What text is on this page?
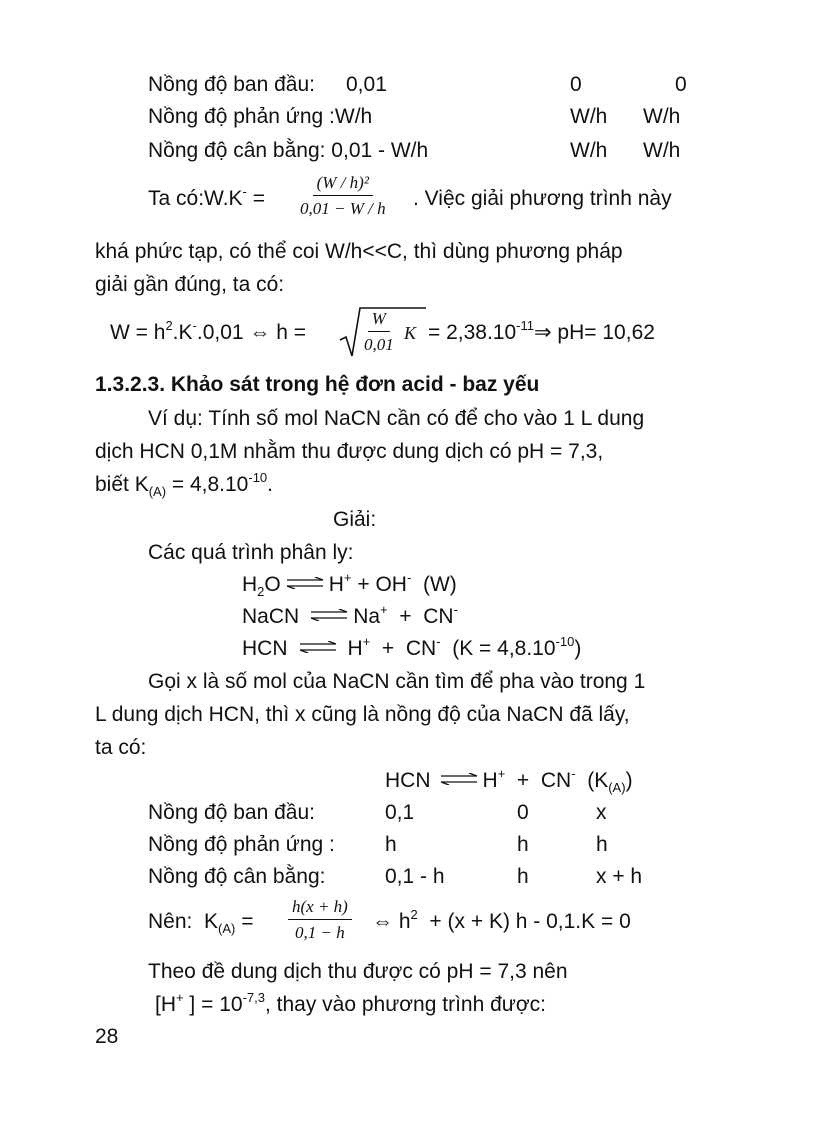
Nồng độ ban đầu: 0,01	0	0
Nồng độ phản ứng :W/h	W/h W/h
Nồng độ cân bằng: 0,01 - W/h	W/h W/h
Ta có:W.K- = $\frac{\text{(W / h)²}}{0,01 - W / h}$ . Việc giải phương trình này
khá phức tạp, có thể coi W/h<<C, thì dùng phương pháp
giải gần đúng, ta có:
$W = h^2.K^-.0,01$ ⇔ h =	$\frac{W}{0,01}$ $K = 2,38.10^{-11}\Rightarrow$ pH= 10,62
1.3.2.3. Khảo sát trong hệ đơn acid - baz yếu
Ví dụ: Tính số mol NaCN cần có để cho vào 1 L dung
dịch HCN 0,1M nhằm thu được dung dịch có pH = 7,3,
biết $K_{(A)} = 4,8.10^{-10}$.
Giải:
Các quá trình phân ly:
$H_2O$ ⇌ H+ + OH-  (W)
NaCN ⇌ Na+  +  CN-
HCN ⇌ H+  +  CN-  $(K = 4,8.10^{-10})$
Gọi x là số mol của NaCN cần tìm để pha vào trong 1
L dung dịch HCN, thì x cũng là nồng độ của NaCN đã lấy,
ta có:
HCN ⇌ H+  +  CN-  $(K_{(A)})$
Nồng độ ban đầu:	0,1	0	x
Nồng độ phản ứng : h	h	h
Nồng độ cân bằng:	0,1 - h	h	x + h
Nên:  $K_{(A)} = \frac{h(x + h)}{0,1 - h}$ ⇔ $h^2 + (x + K)$ h - 0,1.K = 0
Theo đề dung dịch thu được có pH = 7,3 nên
[H+ ] = $10^{-7,3}$, thay vào phương trình được:
28
